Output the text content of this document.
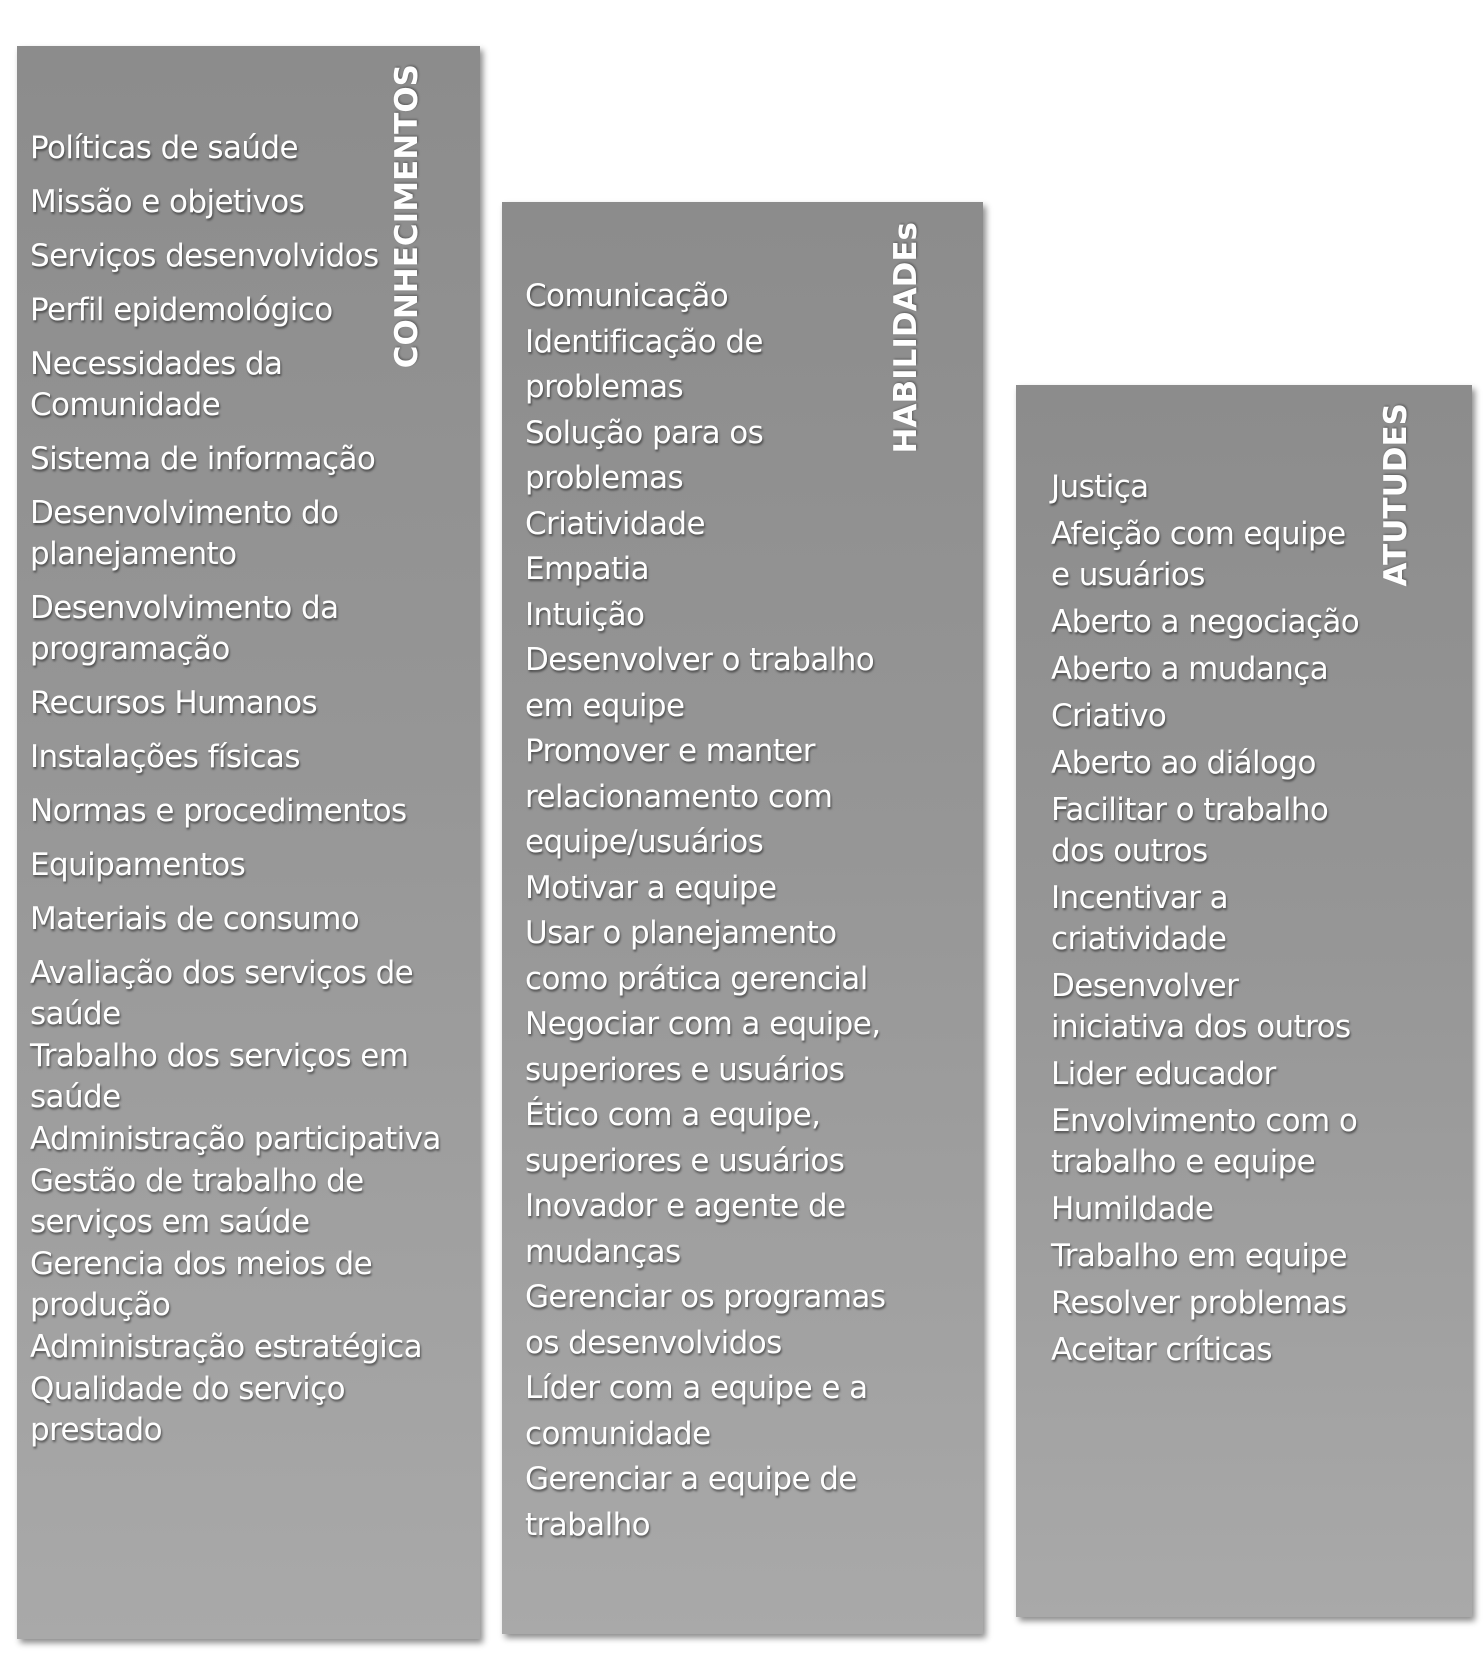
CONHECIMENTOS
Políticas de saúde
Missão e objetivos
Serviços desenvolvidos
Perfil epidemológico
Necessidades da
Comunidade
Sistema de informação
Desenvolvimento do
planejamento
Desenvolvimento da
programação
Recursos Humanos
Instalações físicas
Normas e procedimentos
Equipamentos
Materiais de consumo
Avaliação dos serviços de
saúde
Trabalho dos serviços em
saúde
Administração participativa
Gestão de trabalho de
serviços em saúde
Gerencia dos meios de
produção
Administração estratégica
Qualidade do serviço
prestado
HABILIDADEs
Comunicação
Identificação de
problemas
Solução para os
problemas
Criatividade
Empatia
Intuição
Desenvolver o trabalho
em equipe
Promover e manter
relacionamento com
equipe/usuários
Motivar a equipe
Usar o planejamento
como prática gerencial
Negociar com a equipe,
superiores e usuários
Ético com a equipe,
superiores e usuários
Inovador e agente de
mudanças
Gerenciar os programas
os desenvolvidos
Líder com a equipe e a
comunidade
Gerenciar a equipe de
trabalho
ATUTUDES
Justiça
Afeição com equipe
e usuários
Aberto a negociação
Aberto a mudança
Criativo
Aberto ao diálogo
Facilitar o trabalho
dos outros
Incentivar a
criatividade
Desenvolver
iniciativa dos outros
Lider educador
Envolvimento com o
trabalho e equipe
Humildade
Trabalho em equipe
Resolver problemas
Aceitar críticas
